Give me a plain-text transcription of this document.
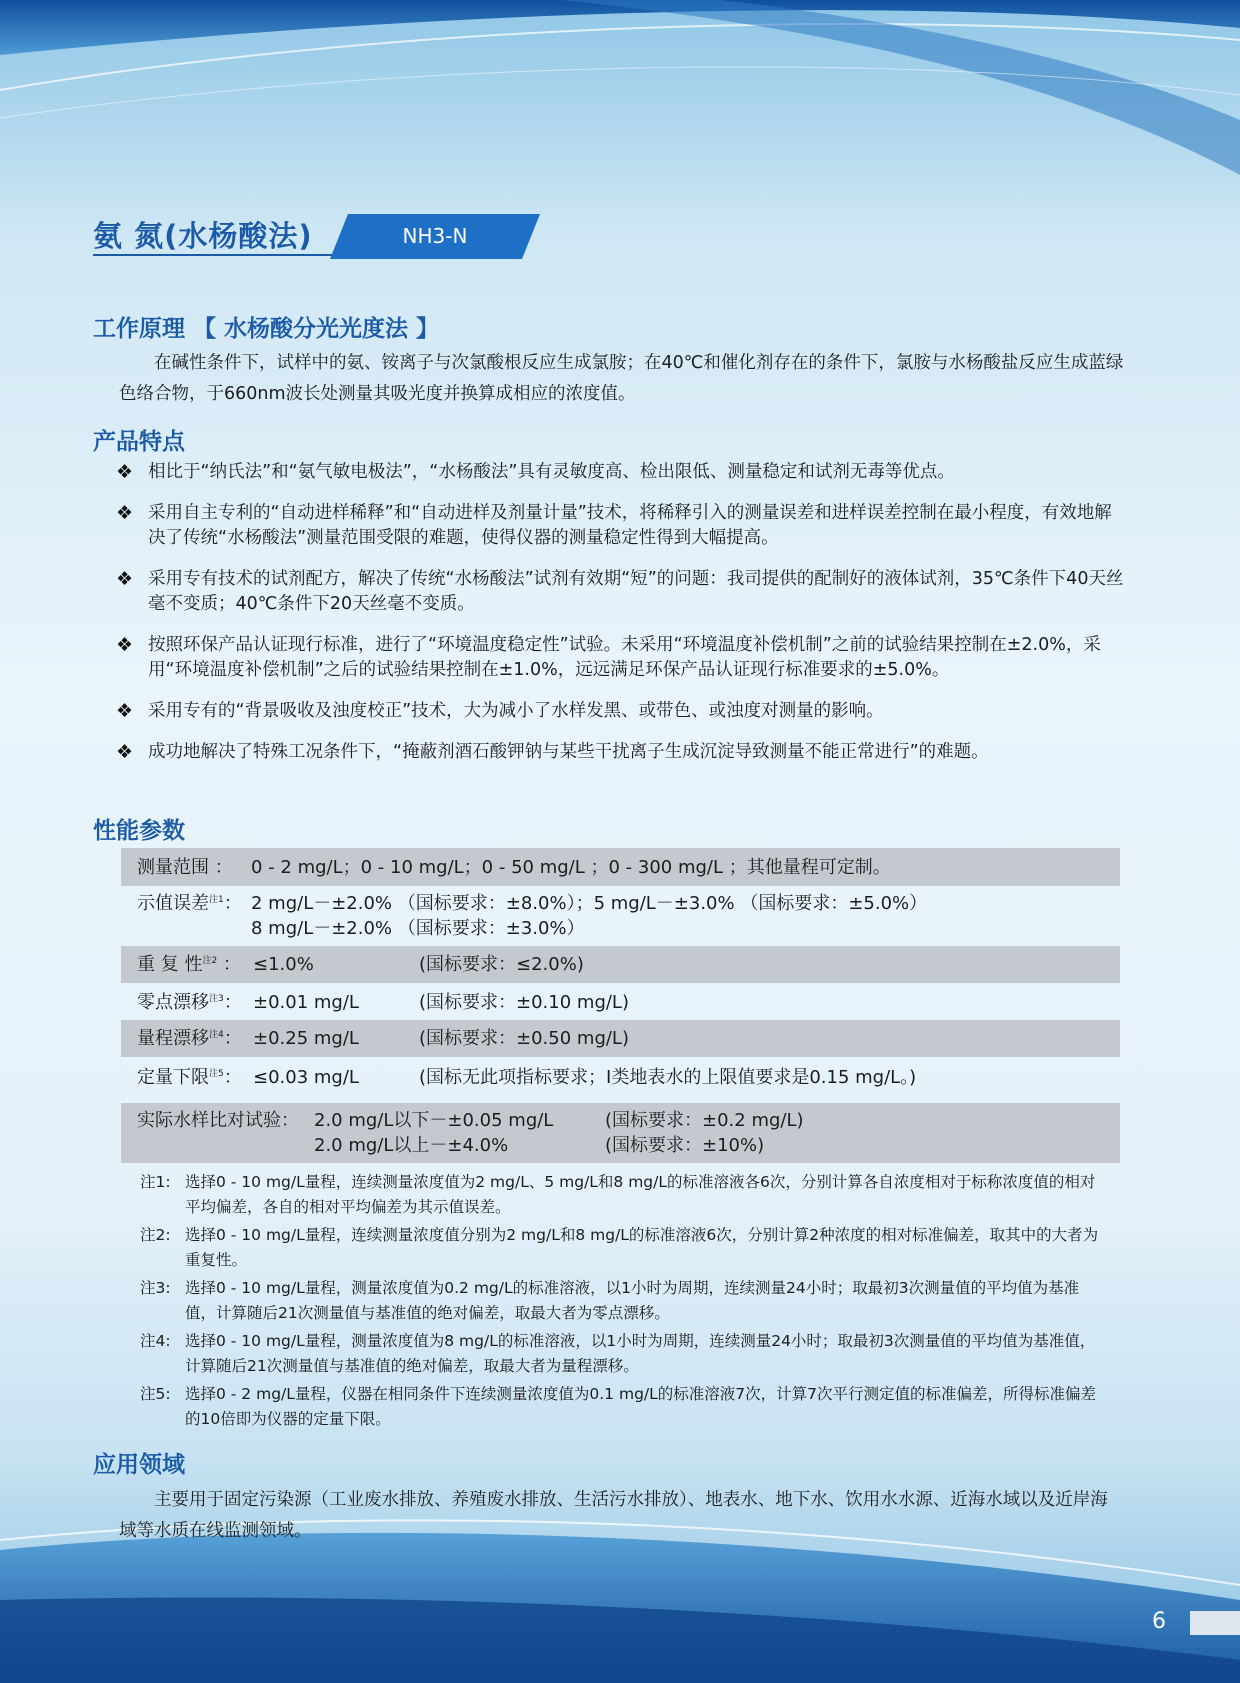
氨 氮(水杨酸法)	NH3-N
工作原理 【 水杨酸分光光度法 】

在碱性条件下，试样中的氨、铵离子与次氯酸根反应生成氯胺；在40℃和催化剂存在的条件下，氯胺与水杨酸盐反应生成蓝绿色络合物，于660nm波长处测量其吸光度并换算成相应的浓度值。

产品特点
❖ 相比于“纳氏法”和“氨气敏电极法”，“水杨酸法”具有灵敏度高、检出限低、测量稳定和试剂无毒等优点。
❖ 采用自主专利的“自动进样稀释”和“自动进样及剂量计量”技术，将稀释引入的测量误差和进样误差控制在最小程度，有效地解决了传统“水杨酸法”测量范围受限的难题，使得仪器的测量稳定性得到大幅提高。
❖ 采用专有技术的试剂配方，解决了传统“水杨酸法”试剂有效期“短”的问题：我司提供的配制好的液体试剂，35℃条件下40天丝毫不变质；40℃条件下20天丝毫不变质。
❖ 按照环保产品认证现行标准，进行了“环境温度稳定性”试验。未采用“环境温度补偿机制”之前的试验结果控制在±2.0%，采用“环境温度补偿机制”之后的试验结果控制在±1.0%，远远满足环保产品认证现行标准要求的±5.0%。
❖ 采用专有的“背景吸收及浊度校正”技术，大为减小了水样发黑、或带色、或浊度对测量的影响。
❖ 成功地解决了特殊工况条件下，“掩蔽剂酒石酸钾钠与某些干扰离子生成沉淀导致测量不能正常进行”的难题。
性能参数
测量范围 ： 0 - 2 mg/L；0 - 10 mg/L；0 - 50 mg/L ；0 - 300 mg/L ；其他量程可定制。
示值误差$^{注1}$： 2 mg/L－±2.0% （国标要求：±8.0%）；5 mg/L－±3.0% （国标要求：±5.0%）
8 mg/L－±2.0% （国标要求：±3.0%）
重 复 性$^{注2}$ ： ≤1.0%	(国标要求：≤2.0%)
零点漂移$^{注3}$： ±0.01 mg/L	(国标要求：±0.10 mg/L)
量程漂移$^{注4}$： ±0.25 mg/L	(国标要求：±0.50 mg/L)
定量下限$^{注5}$： ≤0.03 mg/L	(国标无此项指标要求；I类地表水的上限值要求是0.15 mg/L。)
实际水样比对试验： 2.0 mg/L以下－±0.05 mg/L	(国标要求：±0.2 mg/L)
2.0 mg/L以上－±4.0%	(国标要求：±10%)
注1: 选择0 - 10 mg/L量程，连续测量浓度值为2 mg/L、5 mg/L和8 mg/L的标准溶液各6次，分别计算各自浓度相对于标称浓度值的相对平均偏差，各自的相对平均偏差为其示值误差。
注2: 选择0 - 10 mg/L量程，连续测量浓度值分别为2 mg/L和8 mg/L的标准溶液6次，分别计算2种浓度的相对标准偏差，取其中的大者为重复性。
注3: 选择0 - 10 mg/L量程，测量浓度值为0.2 mg/L的标准溶液，以1小时为周期，连续测量24小时；取最初3次测量值的平均值为基准值，计算随后21次测量值与基准值的绝对偏差，取最大者为零点漂移。
注4: 选择0 - 10 mg/L量程，测量浓度值为8 mg/L的标准溶液，以1小时为周期，连续测量24小时；取最初3次测量值的平均值为基准值，计算随后21次测量值与基准值的绝对偏差，取最大者为量程漂移。
注5: 选择0 - 2 mg/L量程，仪器在相同条件下连续测量浓度值为0.1 mg/L的标准溶液7次，计算7次平行测定值的标准偏差，所得标准偏差的10倍即为仪器的定量下限。
应用领域

主要用于固定污染源（工业废水排放、养殖废水排放、生活污水排放）、地表水、地下水、饮用水水源、近海水域以及近岸海域等水质在线监测领域。

6
